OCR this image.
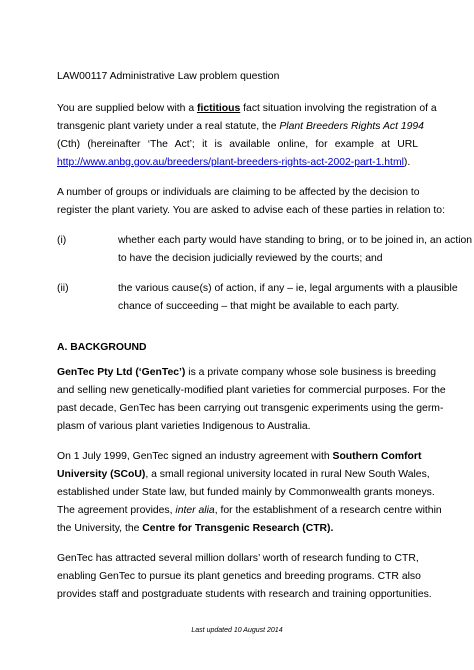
LAW00117 Administrative Law problem question
You are supplied below with a fictitious fact situation involving the registration of a
transgenic plant variety under a real statute, the Plant Breeders Rights Act 1994
(Cth) (hereinafter ‘The Act’; it is available online, for example at URL
http://www.anbg.gov.au/breeders/plant-breeders-rights-act-2002-part-1.html).
A number of groups or individuals are claiming to be affected by the decision to
register the plant variety. You are asked to advise each of these parties in relation to:
(i)	whether each party would have standing to bring, or to be joined in, an action
to have the decision judicially reviewed by the courts; and
(ii)	the various cause(s) of action, if any – ie, legal arguments with a plausible
chance of succeeding – that might be available to each party.
A. BACKGROUND
GenTec Pty Ltd (‘GenTec’) is a private company whose sole business is breeding
and selling new genetically-modified plant varieties for commercial purposes. For the
past decade, GenTec has been carrying out transgenic experiments using the germ-
plasm of various plant varieties Indigenous to Australia.
On 1 July 1999, GenTec signed an industry agreement with Southern Comfort
University (SCoU), a small regional university located in rural New South Wales,
established under State law, but funded mainly by Commonwealth grants moneys.
The agreement provides, inter alia, for the establishment of a research centre within
the University, the Centre for Transgenic Research (CTR).
GenTec has attracted several million dollars’ worth of research funding to CTR,
enabling GenTec to pursue its plant genetics and breeding programs. CTR also
provides staff and postgraduate students with research and training opportunities.
Last updated 10 August 2014
